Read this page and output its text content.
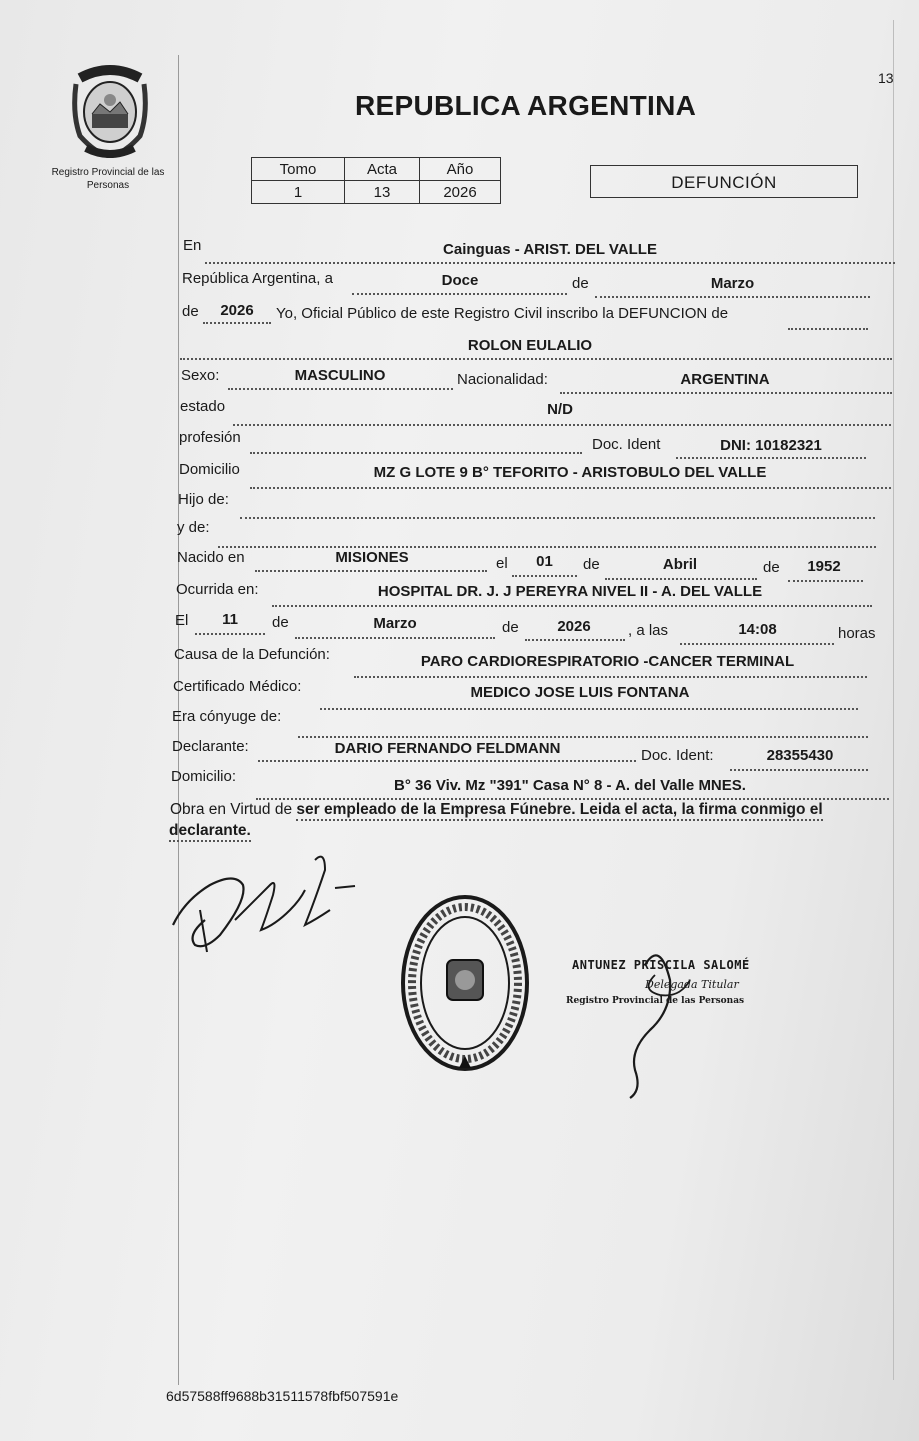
13
Registro Provincial de las Personas
REPUBLICA ARGENTINA
Tomo	Acta	Año
1	13	2026	DEFUNCIÓN
En	Cainguas - ARIST. DEL VALLE
República Argentina, a	Doce	de	Marzo
de	2026	Yo, Oficial Público de este Registro Civil inscribo la DEFUNCION de
ROLON EULALIO
Sexo:	MASCULINO	Nacionalidad:	ARGENTINA
estado	N/D
profesión	Doc. Ident	DNI: 10182321
Domicilio	MZ G LOTE 9 B° TEFORITO - ARISTOBULO DEL VALLE
Hijo de:
y de:
Nacido en	MISIONES	el	01	de	Abril	de	1952
Ocurrida en:	HOSPITAL DR. J. J PEREYRA NIVEL II - A. DEL VALLE
El	11	de	Marzo	de	2026	, a las	14:08	horas
Causa de la Defunción:	PARO CARDIORESPIRATORIO -CANCER TERMINAL
Certificado Médico:	MEDICO JOSE LUIS FONTANA
Era cónyuge de:
Declarante:	DARIO FERNANDO FELDMANN	Doc. Ident:	28355430
Domicilio:
B° 36 Viv. Mz "391" Casa N° 8 - A. del Valle MNES.
Obra en Virtud de ser empleado de la Empresa Fúnebre. Leida el acta, la firma conmigo el
declarante.
ANTUNEZ PRISCILA SALOMÉ
Delegada Titular
Registro Provincial de las Personas
6d57588ff9688b31511578fbf507591e
